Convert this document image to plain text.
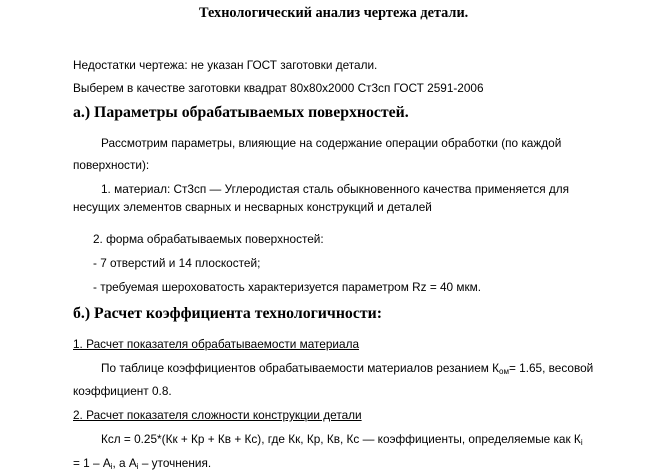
Технологический анализ чертежа детали.
Недостатки чертежа: не указан ГОСТ заготовки детали.
Выберем в качестве заготовки квадрат 80х80х2000 Ст3сп ГОСТ 2591-2006
а.) Параметры обрабатываемых поверхностей.
Рассмотрим параметры, влияющие на содержание операции обработки (по каждой
поверхности):
1. материал: Ст3сп — Углеродистая сталь обыкновенного качества применяется для
несущих элементов сварных и несварных конструкций и деталей
2. форма обрабатываемых поверхностей:
- 7 отверстий и 14 плоскостей;
- требуемая шероховатость характеризуется параметром Rz = 40 мкм.
б.) Расчет коэффициента технологичности:
1. Расчет показателя обрабатываемости материала
По таблице коэффициентов обрабатываемости материалов резанием $К_{ом}= 1.65$, весовой
коэффициент 0.8.
2. Расчет показателя сложности конструкции детали
Ксл = 0.25*(Кк + Кр + Кв + Кс), где Кк, Кр, Кв, Кс — коэффициенты, определяемые как $К_i$
= $1 - А_i$, а $А_i$ – уточнения.
